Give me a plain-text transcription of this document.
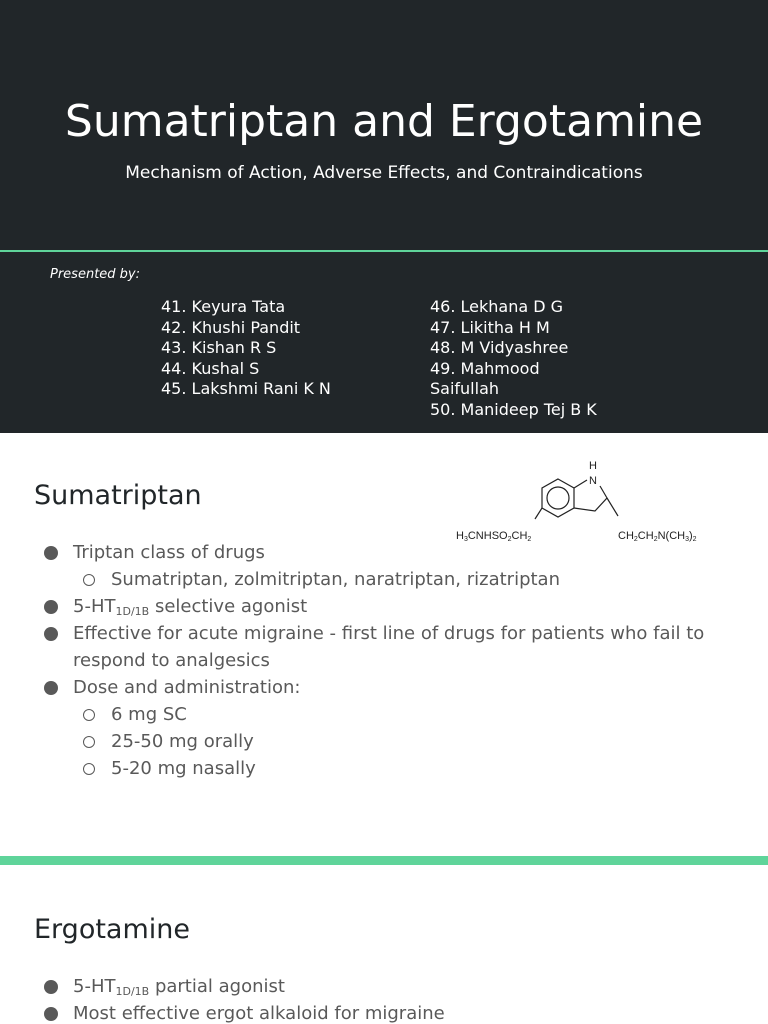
Sumatriptan and Ergotamine
Mechanism of Action, Adverse Effects, and Contraindications
Presented by:
41. Keyura Tata
42. Khushi Pandit
43. Kishan R S
44. Kushal S
45. Lakshmi Rani K N
46. Lekhana D G
47. Likitha H M
48. M Vidyashree
49. Mahmood Saifullah
50. Manideep Tej B K
Sumatriptan
H
N
H3CNHSO2CH2	CH2CH2N(CH3)2
Triptan class of drugs
Sumatriptan, zolmitriptan, naratriptan, rizatriptan
$5-HT_{1D/1B}$ selective agonist
Effective for acute migraine - first line of drugs for patients who fail to respond to analgesics
Dose and administration:
6 mg SC
25-50 mg orally
5-20 mg nasally
Ergotamine
$5-HT_{1D/1B}$ partial agonist
Most effective ergot alkaloid for migraine
